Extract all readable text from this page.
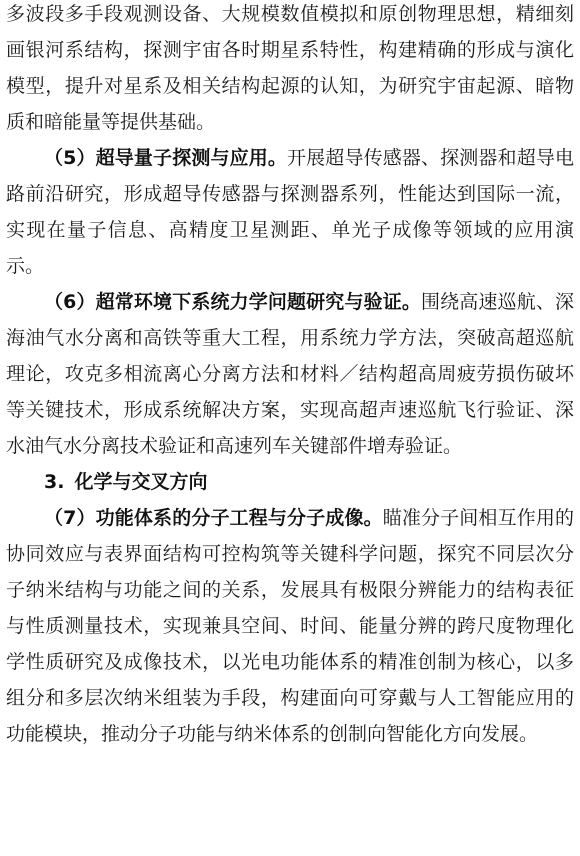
多波段多手段观测设备、大规模数值模拟和原创物理思想，精细刻画银河系结构，探测宇宙各时期星系特性，构建精确的形成与演化模型，提升对星系及相关结构起源的认知，为研究宇宙起源、暗物质和暗能量等提供基础。

（5）超导量子探测与应用。开展超导传感器、探测器和超导电路前沿研究，形成超导传感器与探测器系列，性能达到国际一流，实现在量子信息、高精度卫星测距、单光子成像等领域的应用演示。

（6）超常环境下系统力学问题研究与验证。围绕高速巡航、深海油气水分离和高铁等重大工程，用系统力学方法，突破高超巡航理论，攻克多相流离心分离方法和材料／结构超高周疲劳损伤破坏等关键技术，形成系统解决方案，实现高超声速巡航飞行验证、深水油气水分离技术验证和高速列车关键部件增寿验证。

3. 化学与交叉方向

（7）功能体系的分子工程与分子成像。瞄准分子间相互作用的协同效应与表界面结构可控构筑等关键科学问题，探究不同层次分子纳米结构与功能之间的关系，发展具有极限分辨能力的结构表征与性质测量技术，实现兼具空间、时间、能量分辨的跨尺度物理化学性质研究及成像技术，以光电功能体系的精准创制为核心，以多组分和多层次纳米组装为手段，构建面向可穿戴与人工智能应用的功能模块，推动分子功能与纳米体系的创制向智能化方向发展。
